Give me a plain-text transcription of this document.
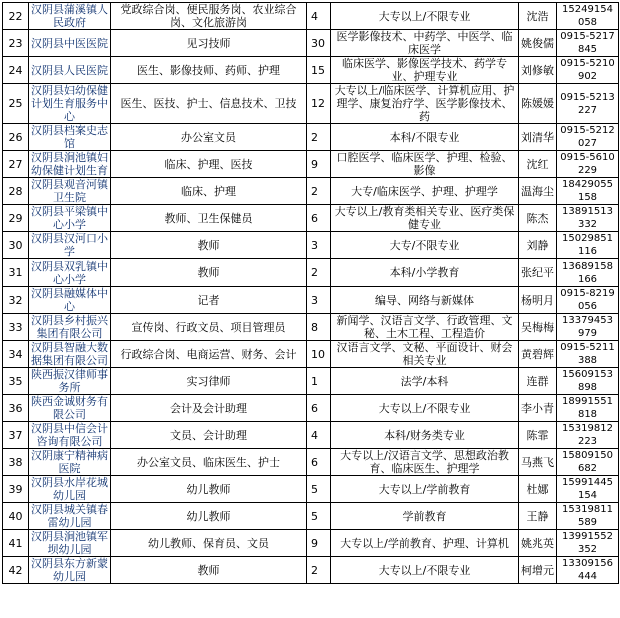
22	汉阴县蒲溪镇人民政府	党政综合岗、便民服务岗、农业综合岗、文化旅游岗	4	大专以上/不限专业	沈浩	15249154058
23	汉阴县中医医院	见习技师	30	医学影像技术、中药学、中医学、临床医学	姚俊儒	0915-5217845
24	汉阴县人民医院	医生、影像技师、药师、护理	15	临床医学、影像医学技术、药学专业、护理专业	刘修敏	0915-5210902
25	汉阴县妇幼保健计划生育服务中心	医生、医技、护士、信息技术、卫技	12	大专以上/临床医学、计算机应用、护理学、康复治疗学、医学影像技术、药	陈媛媛	0915-5213227
26	汉阴县档案史志馆	办公室文员	2	本科/不限专业	刘清华	0915-5212027
27	汉阴县涧池镇妇幼保健计划生育	临床、护理、医技	9	口腔医学、临床医学、护理、检验、影像	沈红	0915-5610229
28	汉阴县观音河镇卫生院	临床、护理	2	大专/临床医学、护理、护理学	温海尘	18429055158
29	汉阴县平梁镇中心小学	教师、卫生保健员	6	大专以上/教育类相关专业、医疗类保健专业	陈杰	13891513332
30	汉阴县汉河口小学	教师	3	大专/不限专业	刘静	15029851116
31	汉阴县双乳镇中心小学	教师	2	本科/小学教育	张纪平	13689158166
32	汉阴县融媒体中心	记者	3	编导、网络与新媒体	杨明月	0915-8219056
33	汉阴县乡村振兴集团有限公司	宣传岗、行政文员、项目管理员	8	新闻学、汉语言文学、行政管理、文秘、土木工程、工程造价	吴梅梅	13379453979
34	汉阴县智融大数据集团有限公司	行政综合岗、电商运营、财务、会计	10	汉语言文学、文秘、平面设计、财会相关专业	黄碧辉	0915-5211388
35	陕西振汉律师事务所	实习律师	1	法学/本科	连群	15609153898
36	陕西金诚财务有限公司	会计及会计助理	6	大专以上/不限专业	李小青	18991551818
37	汉阴县中信会计咨询有限公司	文员、会计助理	4	本科/财务类专业	陈霏	15319812223
38	汉阴康宁精神病医院	办公室文员、临床医生、护士	6	大专以上/汉语言文学、思想政治教育、临床医生、护理学	马燕飞	15809150682
39	汉阴县水岸花城幼儿园	幼儿教师	5	大专以上/学前教育	杜娜	15991445154
40	汉阴县城关镇春雷幼儿园	幼儿教师	5	学前教育	王静	15319811589
41	汉阴县涧池镇军坝幼儿园	幼儿教师、保育员、文员	9	大专以上/学前教育、护理、计算机	姚兆英	13991552352
42	汉阴县东方新蒙幼儿园	教师	2	大专以上/不限专业	柯增元	13309156444
